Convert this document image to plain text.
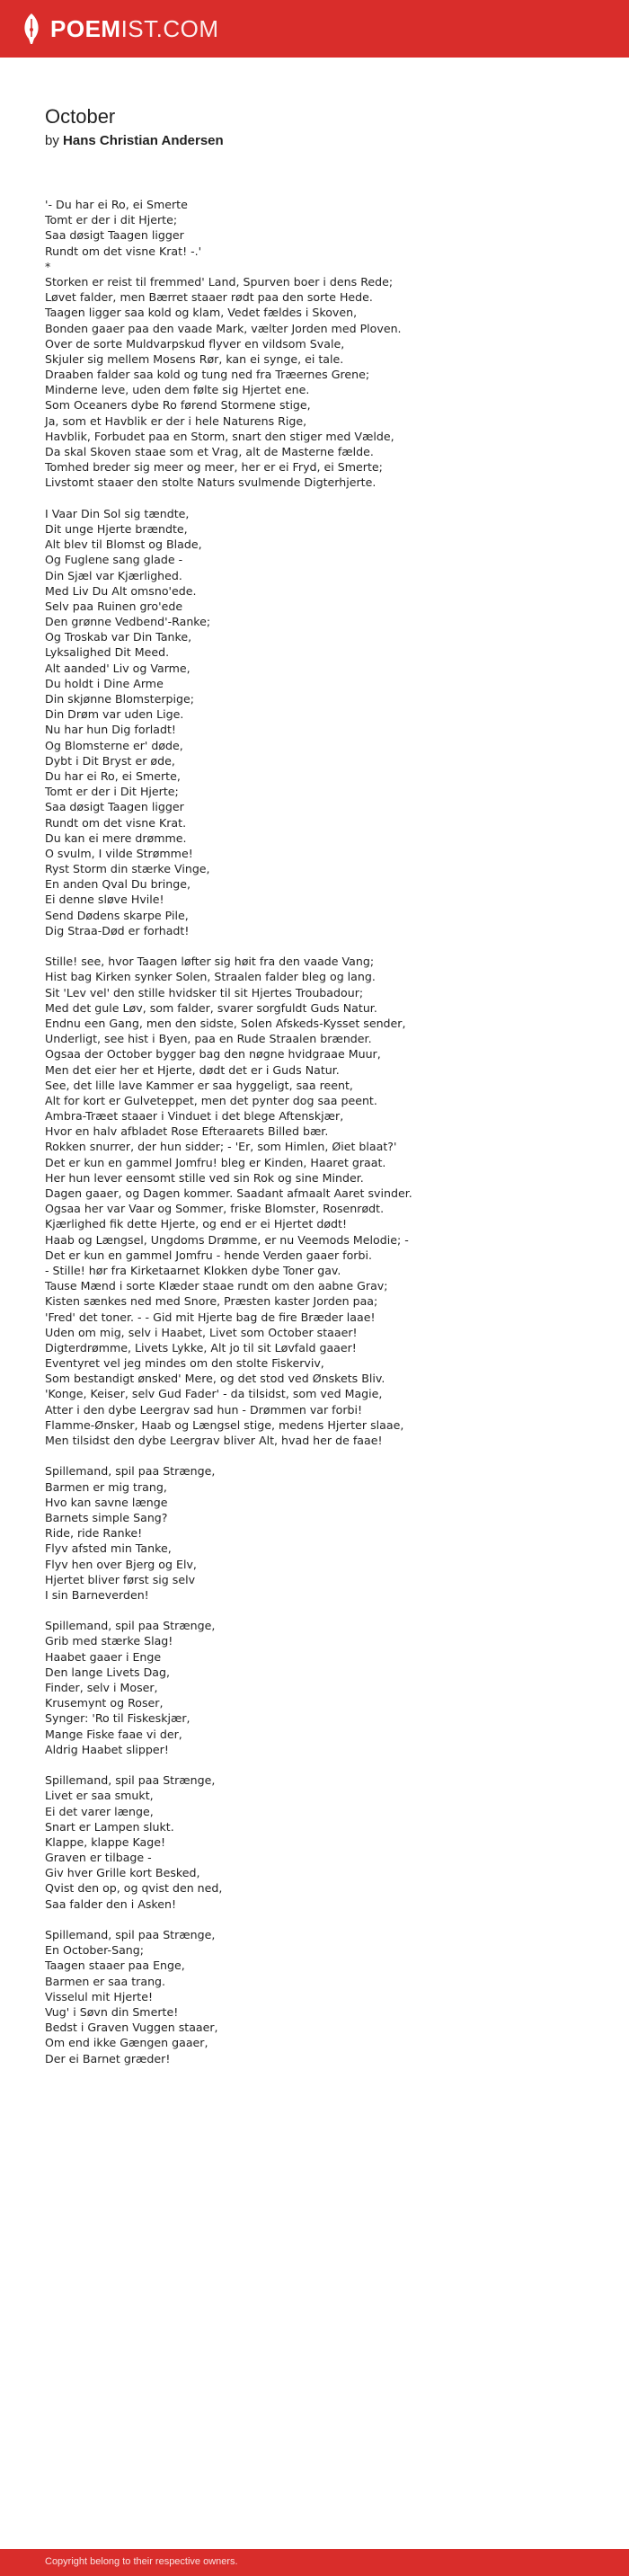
POEMIST.COM
October
by Hans Christian Andersen
'- Du har ei Ro, ei Smerte
Tomt er der i dit Hjerte;
Saa døsigt Taagen ligger
Rundt om det visne Krat! -.'
*
Storken er reist til fremmed' Land, Spurven boer i dens Rede;
Løvet falder, men Bærret staaer rødt paa den sorte Hede.
Taagen ligger saa kold og klam, Vedet fældes i Skoven,
Bonden gaaer paa den vaade Mark, vælter Jorden med Ploven.
Over de sorte Muldvarpskud flyver en vildsom Svale,
Skjuler sig mellem Mosens Rør, kan ei synge, ei tale.
Draaben falder saa kold og tung ned fra Træernes Grene;
Minderne leve, uden dem følte sig Hjertet ene.
Som Oceaners dybe Ro førend Stormene stige,
Ja, som et Havblik er der i hele Naturens Rige,
Havblik, Forbudet paa en Storm, snart den stiger med Vælde,
Da skal Skoven staae som et Vrag, alt de Masterne fælde.
Tomhed breder sig meer og meer, her er ei Fryd, ei Smerte;
Livstomt staaer den stolte Naturs svulmende Digterhjerte.
I Vaar Din Sol sig tændte,
Dit unge Hjerte brændte,
Alt blev til Blomst og Blade,
Og Fuglene sang glade -
Din Sjæl var Kjærlighed.
Med Liv Du Alt omsno'ede.
Selv paa Ruinen gro'ede
Den grønne Vedbend'-Ranke;
Og Troskab var Din Tanke,
Lyksalighed Dit Meed.
Alt aanded' Liv og Varme,
Du holdt i Dine Arme
Din skjønne Blomsterpige;
Din Drøm var uden Lige.
Nu har hun Dig forladt!
Og Blomsterne er' døde,
Dybt i Dit Bryst er øde,
Du har ei Ro, ei Smerte,
Tomt er der i Dit Hjerte;
Saa døsigt Taagen ligger
Rundt om det visne Krat.
Du kan ei mere drømme.
O svulm, I vilde Strømme!
Ryst Storm din stærke Vinge,
En anden Qval Du bringe,
Ei denne sløve Hvile!
Send Dødens skarpe Pile,
Dig Straa-Død er forhadt!
Stille! see, hvor Taagen løfter sig høit fra den vaade Vang;
Hist bag Kirken synker Solen, Straalen falder bleg og lang.
Sit 'Lev vel' den stille hvidsker til sit Hjertes Troubadour;
Med det gule Løv, som falder, svarer sorgfuldt Guds Natur.
Endnu een Gang, men den sidste, Solen Afskeds-Kysset sender,
Underligt, see hist i Byen, paa en Rude Straalen brænder.
Ogsaa der October bygger bag den nøgne hvidgraae Muur,
Men det eier her et Hjerte, dødt det er i Guds Natur.
See, det lille lave Kammer er saa hyggeligt, saa reent,
Alt for kort er Gulveteppet, men det pynter dog saa peent.
Ambra-Træet staaer i Vinduet i det blege Aftenskjær,
Hvor en halv afbladet Rose Efteraarets Billed bær.
Rokken snurrer, der hun sidder; - 'Er, som Himlen, Øiet blaat?'
Det er kun en gammel Jomfru! bleg er Kinden, Haaret graat.
Her hun lever eensomt stille ved sin Rok og sine Minder.
Dagen gaaer, og Dagen kommer. Saadant afmaalt Aaret svinder.
Ogsaa her var Vaar og Sommer, friske Blomster, Rosenrødt.
Kjærlighed fik dette Hjerte, og end er ei Hjertet dødt!
Haab og Længsel, Ungdoms Drømme, er nu Veemods Melodie; -
Det er kun en gammel Jomfru - hende Verden gaaer forbi.
- Stille! hør fra Kirketaarnet Klokken dybe Toner gav.
Tause Mænd i sorte Klæder staae rundt om den aabne Grav;
Kisten sænkes ned med Snore, Præsten kaster Jorden paa;
'Fred' det toner. - - Gid mit Hjerte bag de fire Bræder laae!
Uden om mig, selv i Haabet, Livet som October staaer!
Digterdrømme, Livets Lykke, Alt jo til sit Løvfald gaaer!
Eventyret vel jeg mindes om den stolte Fiskerviv,
Som bestandigt ønsked' Mere, og det stod ved Ønskets Bliv.
'Konge, Keiser, selv Gud Fader' - da tilsidst, som ved Magie,
Atter i den dybe Leergrav sad hun - Drømmen var forbi!
Flamme-Ønsker, Haab og Længsel stige, medens Hjerter slaae,
Men tilsidst den dybe Leergrav bliver Alt, hvad her de faae!
Spillemand, spil paa Strænge,
Barmen er mig trang,
Hvo kan savne længe
Barnets simple Sang?
Ride, ride Ranke!
Flyv afsted min Tanke,
Flyv hen over Bjerg og Elv,
Hjertet bliver først sig selv
I sin Barneverden!
Spillemand, spil paa Strænge,
Grib med stærke Slag!
Haabet gaaer i Enge
Den lange Livets Dag,
Finder, selv i Moser,
Krusemynt og Roser,
Synger: 'Ro til Fiskeskjær,
Mange Fiske faae vi der,
Aldrig Haabet slipper!
Spillemand, spil paa Strænge,
Livet er saa smukt,
Ei det varer længe,
Snart er Lampen slukt.
Klappe, klappe Kage!
Graven er tilbage -
Giv hver Grille kort Besked,
Qvist den op, og qvist den ned,
Saa falder den i Asken!
Spillemand, spil paa Strænge,
En October-Sang;
Taagen staaer paa Enge,
Barmen er saa trang.
Visselul mit Hjerte!
Vug' i Søvn din Smerte!
Bedst i Graven Vuggen staaer,
Om end ikke Gængen gaaer,
Der ei Barnet græder!
Copyright belong to their respective owners.
